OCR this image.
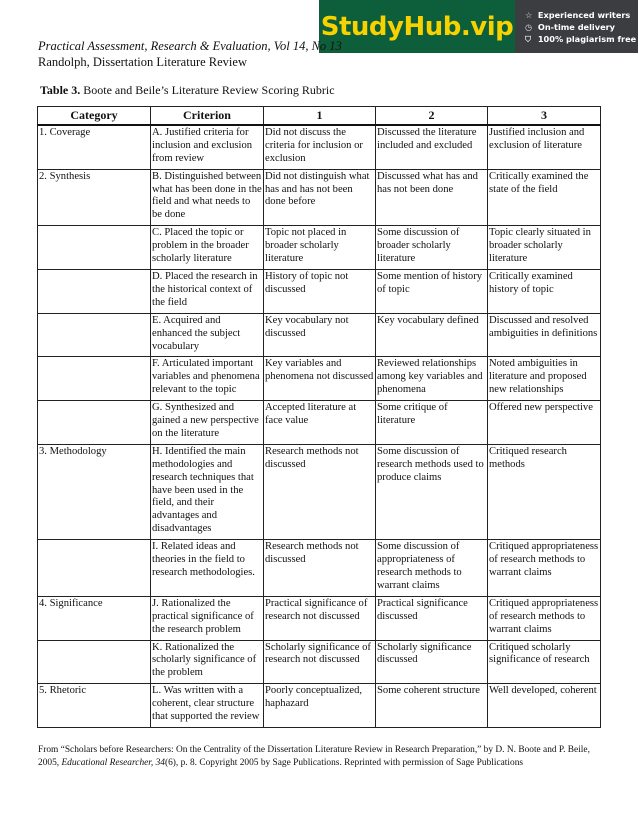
StudyHub.vip ☆ Experienced writers
◷ On-time delivery
⛉ 100% plagiarism free
Practical Assessment, Research & Evaluation, Vol 14, No 13
Randolph, Dissertation Literature Review
Table 3. Boote and Beile’s Literature Review Scoring Rubric
Category	Criterion	1	2	3
1. Coverage	A. Justified criteria for inclusion and exclusion from review	Did not discuss the criteria for inclusion or exclusion	Discussed the literature included and excluded	Justified inclusion and exclusion of literature
2. Synthesis	B. Distinguished between what has been done in the field and what needs to be done	Did not distinguish what has and has not been done before	Discussed what has and has not been done	Critically examined the state of the field
	C. Placed the topic or problem in the broader scholarly literature	Topic not placed in broader scholarly literature	Some discussion of broader scholarly literature	Topic clearly situated in broader scholarly literature
	D. Placed the research in the historical context of the field	History of topic not discussed	Some mention of history of topic	Critically examined history of topic
	E. Acquired and enhanced the subject vocabulary	Key vocabulary not discussed	Key vocabulary defined	Discussed and resolved ambiguities in definitions
	F. Articulated important variables and phenomena relevant to the topic	Key variables and phenomena not discussed	Reviewed relationships among key variables and phenomena	Noted ambiguities in literature and proposed new relationships
	G. Synthesized and gained a new perspective on the literature	Accepted literature at face value	Some critique of literature	Offered new perspective
3. Methodology	H. Identified the main methodologies and research techniques that have been used in the field, and their advantages and disadvantages	Research methods not discussed	Some discussion of research methods used to produce claims	Critiqued research methods
	I. Related ideas and theories in the field to research methodologies.	Research methods not discussed	Some discussion of appropriateness of research methods to warrant claims	Critiqued appropriateness of research methods to warrant claims
4. Significance	J. Rationalized the practical significance of the research problem	Practical significance of research not discussed	Practical significance discussed	Critiqued appropriateness of research methods to warrant claims
	K. Rationalized the scholarly significance of the problem	Scholarly significance of research not discussed	Scholarly significance discussed	Critiqued scholarly significance of research
5. Rhetoric	L. Was written with a coherent, clear structure that supported the review	Poorly conceptualized, haphazard	Some coherent structure	Well developed, coherent
From “Scholars before Researchers: On the Centrality of the Dissertation Literature Review in Research Preparation,” by D. N. Boote and P. Beile, 2005, Educational Researcher, 34(6), p. 8. Copyright 2005 by Sage Publications. Reprinted with permission of Sage Publications
